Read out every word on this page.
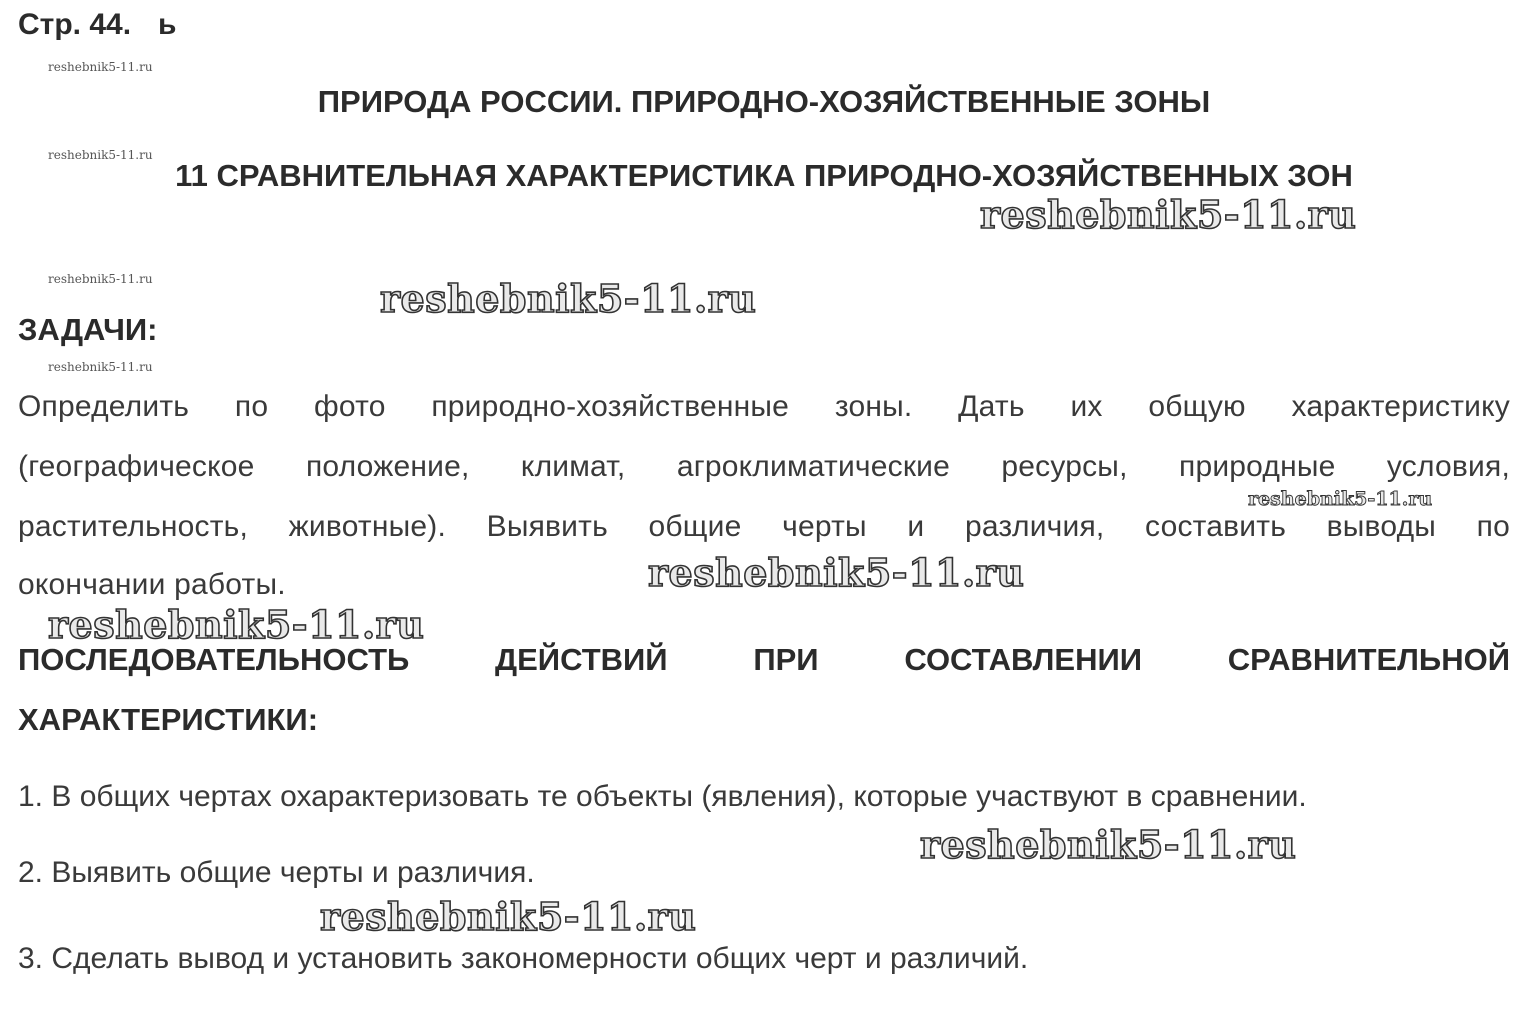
Стр. 44. ь
ПРИРОДА РОССИИ. ПРИРОДНО-ХОЗЯЙСТВЕННЫЕ ЗОНЫ
11 СРАВНИТЕЛЬНАЯ ХАРАКТЕРИСТИКА ПРИРОДНО-ХОЗЯЙСТВЕННЫХ ЗОН
ЗАДАЧИ:
Определить по фото природно-хозяйственные зоны. Дать их общую характеристику
(географическое положение, климат, агроклиматические ресурсы, природные условия,
растительность, животные). Выявить общие черты и различия, составить выводы по
окончании работы.
ПОСЛЕДОВАТЕЛЬНОСТЬ ДЕЙСТВИЙ ПРИ СОСТАВЛЕНИИ СРАВНИТЕЛЬНОЙ
ХАРАКТЕРИСТИКИ:
1. В общих чертах охарактеризовать те объекты (явления), которые участвуют в сравнении.
2. Выявить общие черты и различия.
3. Сделать вывод и установить закономерности общих черт и различий.
reshebnik5-11.ru
reshebnik5-11.ru
reshebnik5-11.ru
reshebnik5-11.ru
reshebnik5-11.ru
reshebnik5-11.ru
reshebnik5-11.ru
reshebnik5-11.ru
reshebnik5-11.ru
reshebnik5-11.ru
reshebnik5-11.ru
